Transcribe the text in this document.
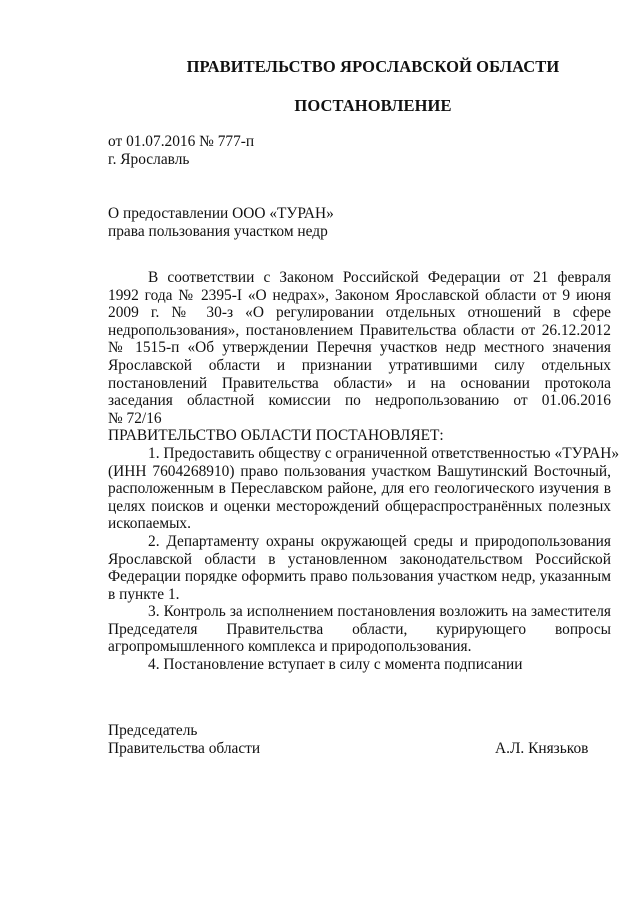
ПРАВИТЕЛЬСТВО ЯРОСЛАВСКОЙ ОБЛАСТИ
ПОСТАНОВЛЕНИЕ
от 01.07.2016 № 777-п
г. Ярославль
О предоставлении ООО «ТУРАН»
права пользования участком недр
В соответствии с Законом Российской Федерации от 21 февраля
1992 года № 2395-I «О недрах», Законом Ярославской области от 9 июня
2009 г. № 30-з «О регулировании отдельных отношений в сфере
недропользования», постановлением Правительства области от 26.12.2012
№ 1515-п «Об утверждении Перечня участков недр местного значения
Ярославской области и признании утратившими силу отдельных
постановлений Правительства области» и на основании протокола
заседания областной комиссии по недропользованию от 01.06.2016
№ 72/16
ПРАВИТЕЛЬСТВО ОБЛАСТИ ПОСТАНОВЛЯЕТ:
1. Предоставить обществу с ограниченной ответственностью «ТУРАН»
(ИНН 7604268910) право пользования участком Вашутинский Восточный,
расположенным в Переславском районе, для его геологического изучения в
целях поисков и оценки месторождений общераспространённых полезных
ископаемых.
2. Департаменту охраны окружающей среды и природопользования
Ярославской области в установленном законодательством Российской
Федерации порядке оформить право пользования участком недр, указанным
в пункте 1.
3. Контроль за исполнением постановления возложить на заместителя
Председателя Правительства области, курирующего вопросы
агропромышленного комплекса и природопользования.
4. Постановление вступает в силу с момента подписании
Председатель
Правительства области	А.Л. Князьков
